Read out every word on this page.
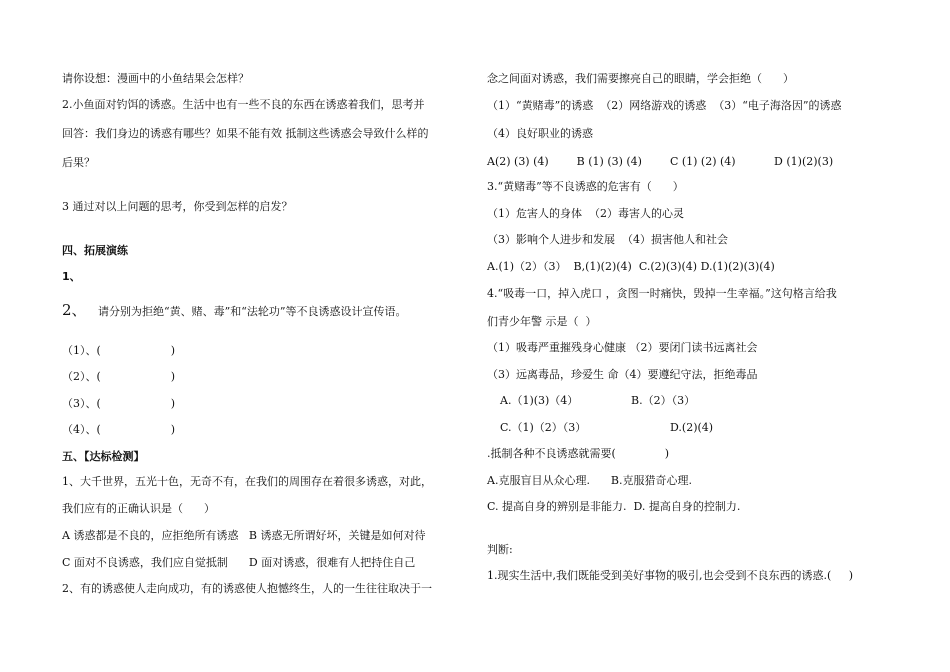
请你设想：漫画中的小鱼结果会怎样？
2.小鱼面对钓饵的诱惑。生活中也有一些不良的东西在诱惑着我们，思考并
回答：我们身边的诱惑有哪些？如果不能有效 抵制这些诱惑会导致什么样的
后果？
3 通过对以上问题的思考，你受到怎样的启发？
四、拓展演练
1、
2、 请分别为拒绝“黄、赌、毒”和“法轮功”等不良诱惑设计宣传语。
（1）、(                    )
（2）、(                    )
（3）、(                    )
（4）、(                    )
五、【达标检测】
1、大千世界，五光十色，无奇不有，在我们的周围存在着很多诱惑，对此，
我们应有的正确认识是（      ）
A 诱惑都是不良的，应拒绝所有诱惑   B 诱惑无所谓好坏，关键是如何对待
C 面对不良诱惑，我们应自觉抵制      D 面对诱惑，很难有人把持住自己
2、有的诱惑使人走向成功，有的诱惑使人抱憾终生，人的一生往往取决于一
念之间面对诱惑，我们需要擦亮自己的眼睛，学会拒绝（      ）
（1）“黄赌毒”的诱惑  （2）网络游戏的诱惑  （3）“电子海洛因”的诱惑
（4）良好职业的诱惑
A(2) (3) (4)        B (1) (3) (4)        C (1) (2) (4)           D (1)(2)(3)
3.“黄赌毒”等不良诱惑的危害有（      ）
（1）危害人的身体  （2）毒害人的心灵
（3）影响个人进步和发展  （4）损害他人和社会
A.(1)（2）（3）  B,(1)(2)(4)  C.(2)(3)(4) D.(1)(2)(3)(4)
4.“吸毒一口，掉入虎口 ，贪图一时痛快，毁掉一生幸福。”这句格言给我
们青少年警 示是（  ）
（1）吸毒严重摧残身心健康 （2）要闭门读书远离社会
（3）远离毒品，珍爱生 命（4）要遵纪守法，拒绝毒品
A.（1)(3)（4）	B.（2）（3）
C.（1)（2）（3）	D.(2)(4)
.抵制各种不良诱惑就需要(              )
A.克服盲目从众心理.      B.克服猎奇心理.
C. 提高自身的辨别是非能力.  D. 提高自身的控制力.
判断:
1.现实生活中,我们既能受到美好事物的吸引,也会受到不良东西的诱惑.(     )
